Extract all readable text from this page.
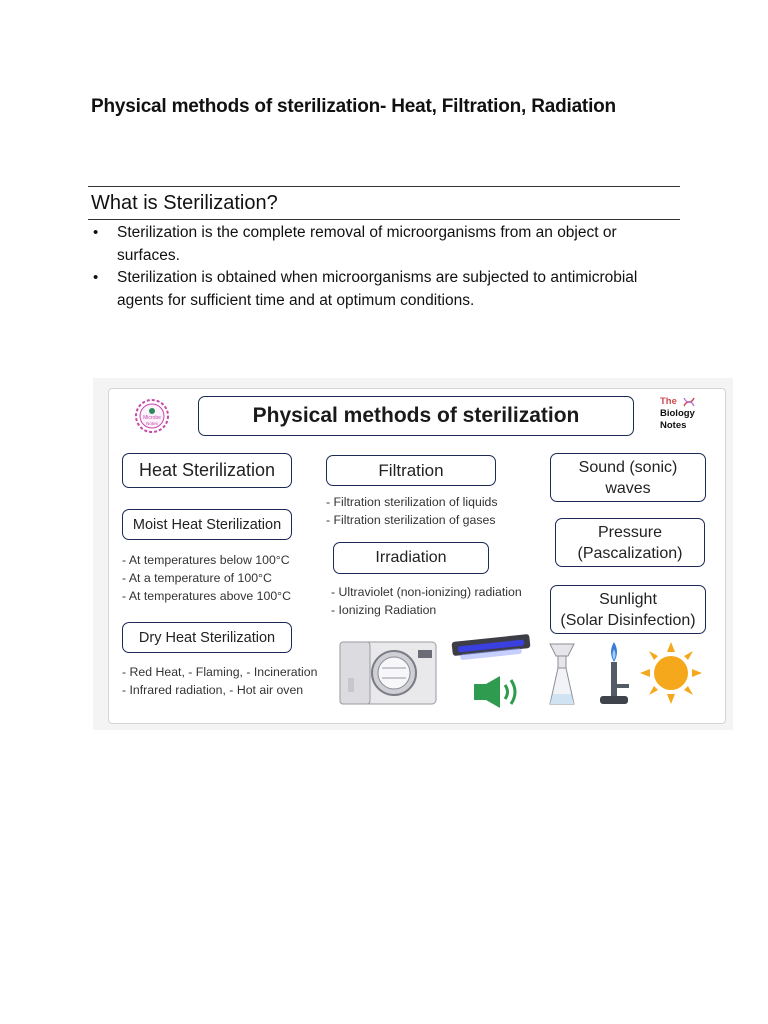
Physical methods of sterilization- Heat, Filtration, Radiation
What is Sterilization?
• Sterilization is the complete removal of microorganisms from an object or surfaces.
• Sterilization is obtained when microorganisms are subjected to antimicrobial agents for sufficient time and at optimum conditions.
Microbe
Notes	Physical methods of sterilization
The
Biology
Notes
Heat Sterilization	Filtration	Sound (sonic)
waves
- Filtration sterilization of liquids
- Filtration sterilization of gases
Moist Heat Sterilization	Pressure
(Pascalization)
Irradiation
- At temperatures below 100°C
- At a temperature of 100°C
- At temperatures above 100°C	- Ultraviolet (non-ionizing) radiation
- Ionizing Radiation
Sunlight
(Solar Disinfection)
Dry Heat Sterilization
- Red Heat, - Flaming, - Incineration
- Infrared radiation, - Hot air oven
